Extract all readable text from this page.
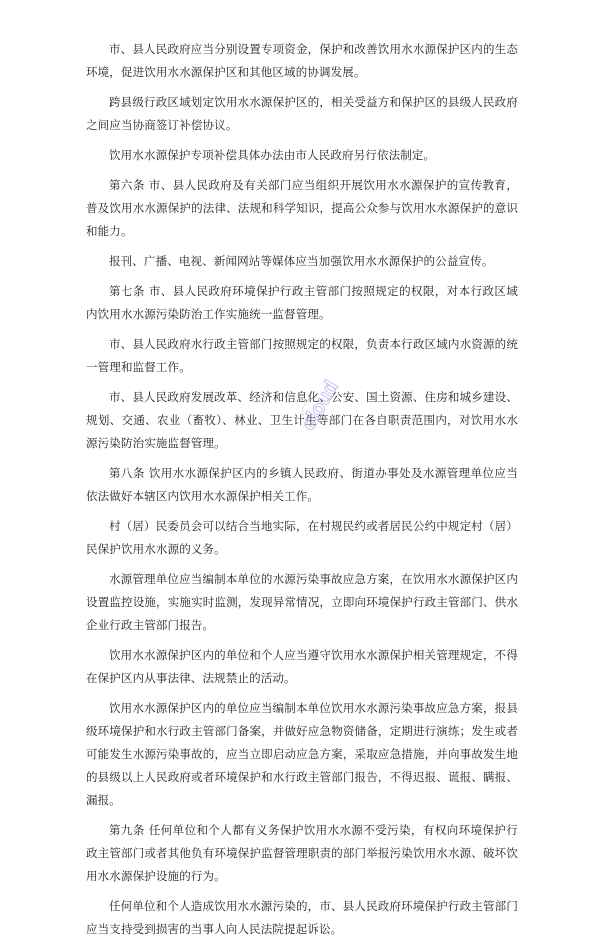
市、县人民政府应当分别设置专项资金，保护和改善饮用水水源保护区内的生态环境，促进饮用水水源保护区和其他区域的协调发展。

跨县级行政区域划定饮用水水源保护区的，相关受益方和保护区的县级人民政府之间应当协商签订补偿协议。

饮用水水源保护专项补偿具体办法由市人民政府另行依法制定。

第六条 市、县人民政府及有关部门应当组织开展饮用水水源保护的宣传教育，普及饮用水水源保护的法律、法规和科学知识，提高公众参与饮用水水源保护的意识和能力。

报刊、广播、电视、新闻网站等媒体应当加强饮用水水源保护的公益宣传。

第七条 市、县人民政府环境保护行政主管部门按照规定的权限，对本行政区域内饮用水水源污染防治工作实施统一监督管理。

市、县人民政府水行政主管部门按照规定的权限，负责本行政区域内水资源的统一管理和监督工作。

市、县人民政府发展改革、经济和信息化、公安、国土资源、住房和城乡建设、规划、交通、农业（畜牧）、林业、卫生计生等部门在各自职责范围内，对饮用水水源污染防治实施监督管理。

第八条 饮用水水源保护区内的乡镇人民政府、街道办事处及水源管理单位应当依法做好本辖区内饮用水水源保护相关工作。

村（居）民委员会可以结合当地实际，在村规民约或者居民公约中规定村（居）民保护饮用水水源的义务。

水源管理单位应当编制本单位的水源污染事故应急方案，在饮用水水源保护区内设置监控设施，实施实时监测，发现异常情况，立即向环境保护行政主管部门、供水企业行政主管部门报告。

饮用水水源保护区内的单位和个人应当遵守饮用水水源保护相关管理规定，不得在保护区内从事法律、法规禁止的活动。

饮用水水源保护区内的单位应当编制本单位饮用水水源污染事故应急方案，报县级环境保护和水行政主管部门备案，并做好应急物资储备，定期进行演练；发生或者可能发生水源污染事故的，应当立即启动应急方案，采取应急措施，并向事故发生地的县级以上人民政府或者环境保护和水行政主管部门报告，不得迟报、谎报、瞒报、漏报。

第九条 任何单位和个人都有义务保护饮用水水源不受污染，有权向环境保护行政主管部门或者其他负有环境保护监督管理职责的部门举报污染饮用水水源、破坏饮用水水源保护设施的行为。

任何单位和个人造成饮用水水源污染的，市、县人民政府环境保护行政主管部门应当支持受到损害的当事人向人民法院提起诉讼。

cloud
